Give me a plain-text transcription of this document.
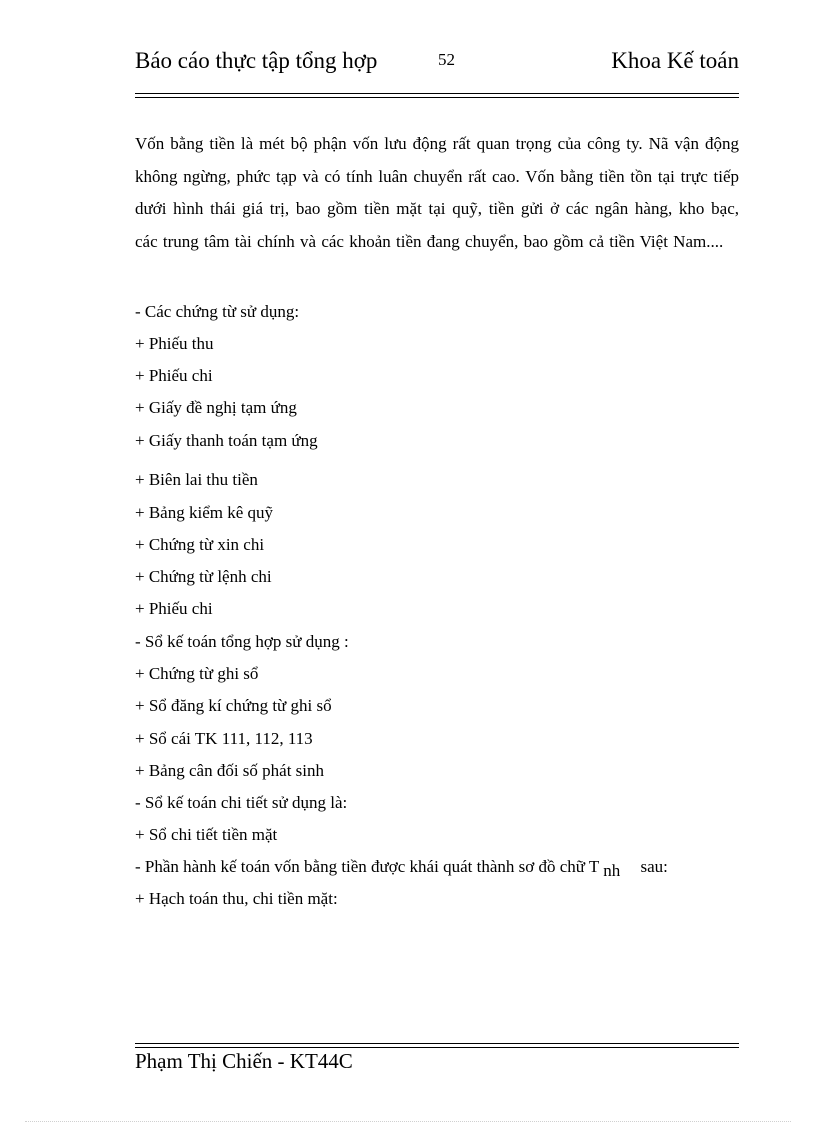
Báo cáo thực tập tổng hợp	52	Khoa Kế toán
Vốn bằng tiền là mét bộ phận vốn lưu động rất quan trọng của công ty. Nã vận động không ngừng, phức tạp và có tính luân chuyển rất cao. Vốn bằng tiền tồn tại trực tiếp dưới hình thái giá trị, bao gồm tiền mặt tại quỹ, tiền gửi ở các ngân hàng, kho bạc, các trung tâm tài chính và các khoản tiền đang chuyển, bao gồm cả tiền Việt Nam....
- Các chứng từ sử dụng:
+ Phiếu thu
+ Phiếu chi
+ Giấy đề nghị tạm ứng
+ Giấy thanh toán tạm ứng
+ Biên lai thu tiền
+ Bảng kiểm kê quỹ
+ Chứng từ xin chi
+ Chứng từ lệnh chi
+ Phiếu chi
- Sổ kế toán tổng hợp sử dụng :
+ Chứng từ ghi sổ
+ Sổ đăng kí chứng từ ghi sổ
+ Sổ cái TK 111, 112, 113
+ Bảng cân đối số phát sinh
- Sổ kế toán chi tiết sử dụng là:
+ Sổ chi tiết tiền mặt
- Phần hành kế toán vốn bằng tiền được khái quát thành sơ đồ chữ T nh sau:
+ Hạch toán thu, chi tiền mặt:
Phạm Thị Chiến - KT44C
